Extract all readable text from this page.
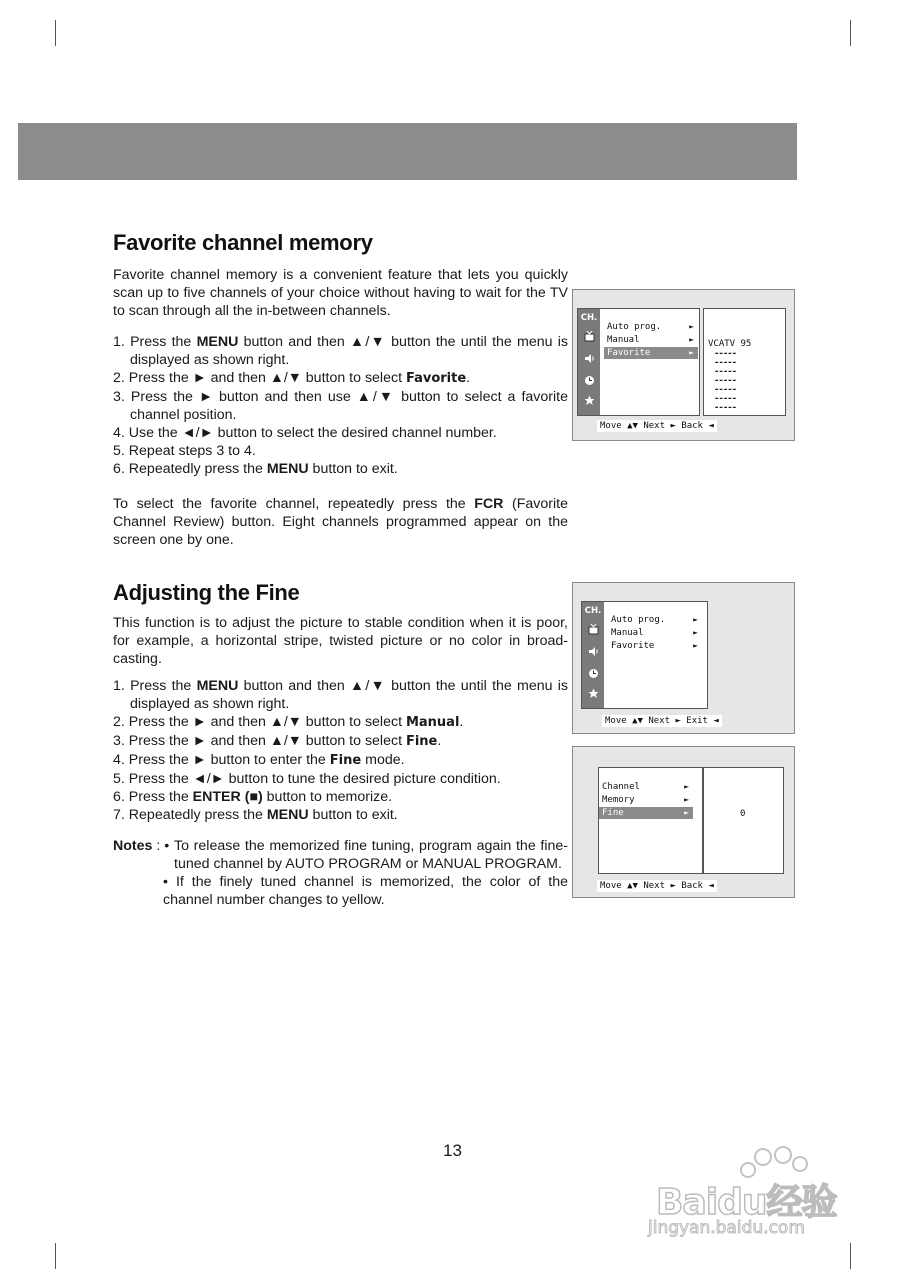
Favorite channel memory
Favorite channel memory is a convenient feature that lets you quickly scan up to five channels of your choice without having to wait for the TV to scan through all the in-between channels.
1. Press the MENU button and then ▲/▼ button the until the menu is displayed as shown right.
2. Press the ► and then ▲/▼ button to select Favorite.
3. Press the ► button and then use ▲/▼ button to select a favorite channel position.
4. Use the ◄/► button to select the desired channel number.
5. Repeat steps 3 to 4.
6. Repeatedly press the MENU button to exit.
To select the favorite channel, repeatedly press the FCR (Favorite Channel Review) button. Eight channels programmed appear on the screen one by one.
CH.
Auto prog.	►
Manual	►
Favorite	►
VCATV 95
-----
-----
-----
-----
-----
-----
-----
Move ▲▼ Next ► Back ◄
Adjusting the Fine
This function is to adjust the picture to stable condition when it is poor, for example, a horizontal stripe, twisted picture or no color in broad-casting.
1. Press the MENU button and then ▲/▼ button the until the menu is displayed as shown right.
2. Press the ► and then ▲/▼ button to select Manual.
3. Press the ► and then ▲/▼ button to select Fine.
4. Press the ► button to enter the Fine mode.
5. Press the ◄/► button to tune the desired picture condition.
6. Press the ENTER (■) button to memorize.
7. Repeatedly press the MENU button to exit.
Notes : • To release the memorized fine tuning, program again the fine-tuned channel by AUTO PROGRAM or MANUAL PROGRAM.
• If the finely tuned channel is memorized, the color of the channel number changes to yellow.
CH.
Auto prog.	►
Manual	►
Favorite	►
Move ▲▼ Next ► Exit ◄
Channel	►
Memory	►
Fine	►	0
Move ▲▼ Next ► Back ◄
13
Baidu经验
jingyan.baidu.com
